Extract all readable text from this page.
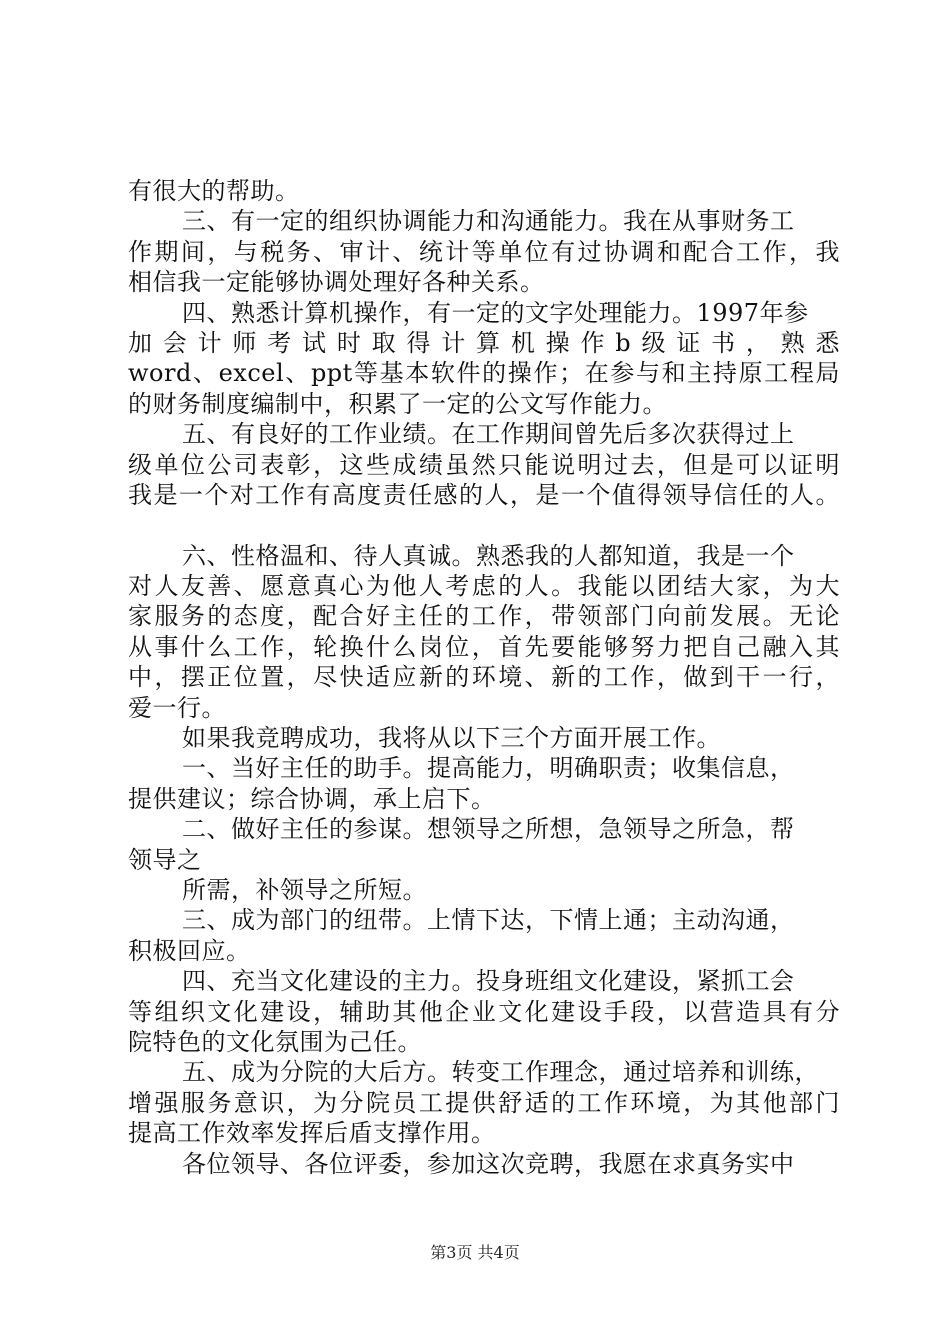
有很大的帮助。
三、有一定的组织协调能力和沟通能力。我在从事财务工
作期间，与税务、审计、统计等单位有过协调和配合工作，我
相信我一定能够协调处理好各种关系。
四、熟悉计算机操作，有一定的文字处理能力。1997年参
加会计师考试时取得计算机操作b级证书，熟悉
word、excel、ppt等基本软件的操作；在参与和主持原工程局
的财务制度编制中，积累了一定的公文写作能力。
五、有良好的工作业绩。在工作期间曾先后多次获得过上
级单位公司表彰，这些成绩虽然只能说明过去，但是可以证明
我是一个对工作有高度责任感的人，是一个值得领导信任的人。
六、性格温和、待人真诚。熟悉我的人都知道，我是一个
对人友善、愿意真心为他人考虑的人。我能以团结大家，为大
家服务的态度，配合好主任的工作，带领部门向前发展。无论
从事什么工作，轮换什么岗位，首先要能够努力把自己融入其
中，摆正位置，尽快适应新的环境、新的工作，做到干一行，
爱一行。
如果我竞聘成功，我将从以下三个方面开展工作。
一、当好主任的助手。提高能力，明确职责；收集信息，
提供建议；综合协调，承上启下。
二、做好主任的参谋。想领导之所想，急领导之所急，帮
领导之
所需，补领导之所短。
三、成为部门的纽带。上情下达，下情上通；主动沟通，
积极回应。
四、充当文化建设的主力。投身班组文化建设，紧抓工会
等组织文化建设，辅助其他企业文化建设手段，以营造具有分
院特色的文化氛围为己任。
五、成为分院的大后方。转变工作理念，通过培养和训练，
增强服务意识，为分院员工提供舒适的工作环境，为其他部门
提高工作效率发挥后盾支撑作用。
各位领导、各位评委，参加这次竞聘，我愿在求真务实中
第3页 共4页
